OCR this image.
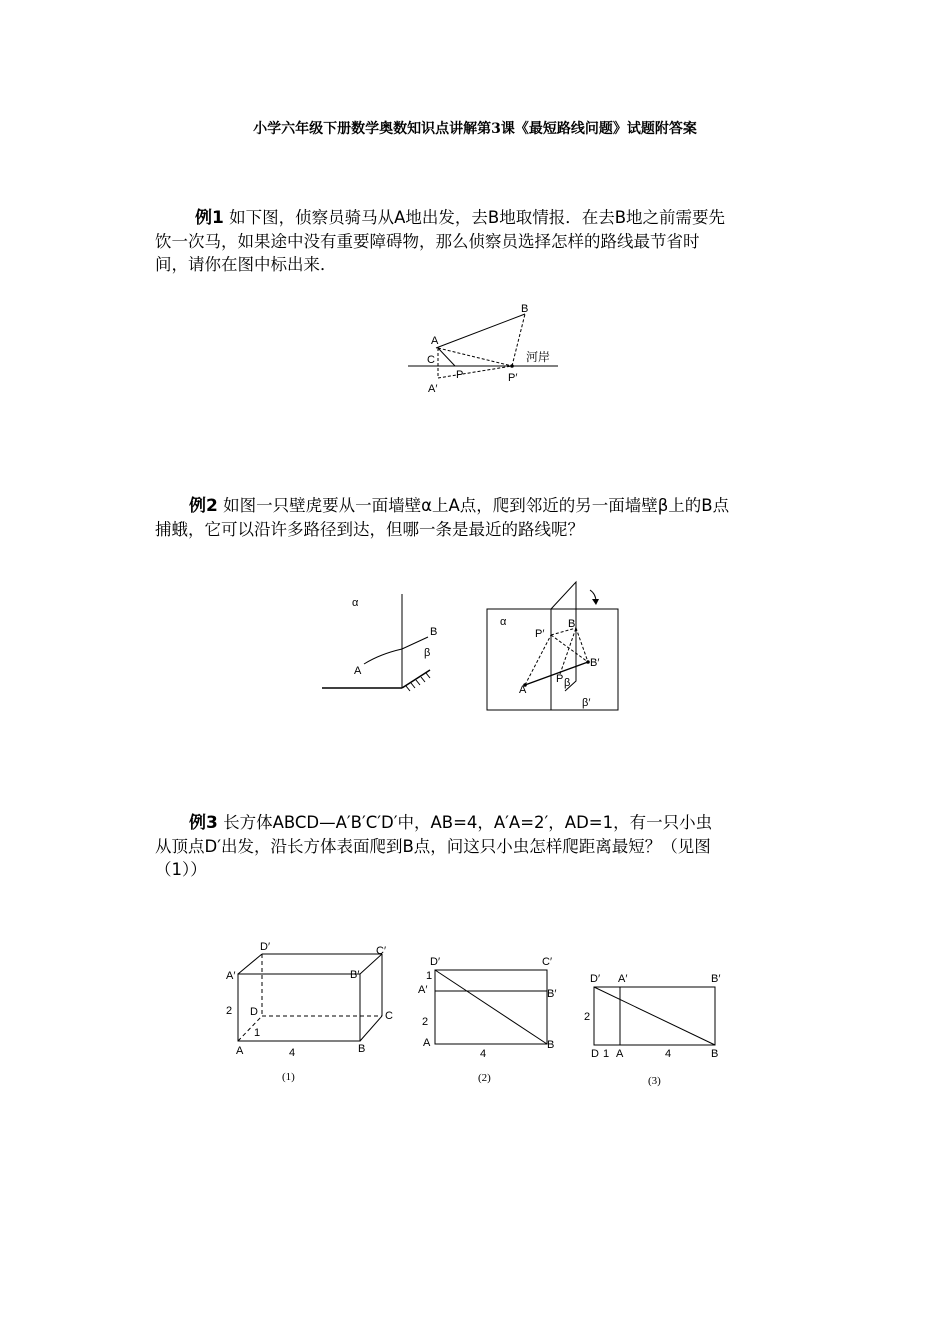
小学六年级下册数学奥数知识点讲解第3课《最短路线问题》试题附答案
例1 如下图，侦察员骑马从A地出发，去B地取情报．在去B地之前需要先
饮一次马，如果途中没有重要障碍物，那么侦察员选择怎样的路线最节省时
间，请你在图中标出来．
B
A
C
A′
P	P′
河岸
例2 如图一只壁虎要从一面墙壁α上A点，爬到邻近的另一面墙壁β上的B点
捕蛾，它可以沿许多路径到达，但哪一条是最近的路线呢？
α
B
A
β
α	B
P′
B′
A
P β
β′
例3 长方体ABCD—A′B′C′D′中，AB=4，A′A=2′，AD=1，有一只小虫
从顶点D′出发，沿长方体表面爬到B点，问这只小虫怎样爬距离最短？（见图
（1））
D′	C′
A′	B′
2 D	C
1
A	B
4
(1)
D′	C′
1
A′	B′
2
A	B
4
(2)
D′ A′	B′
2
D 1 A	4	B
(3)
